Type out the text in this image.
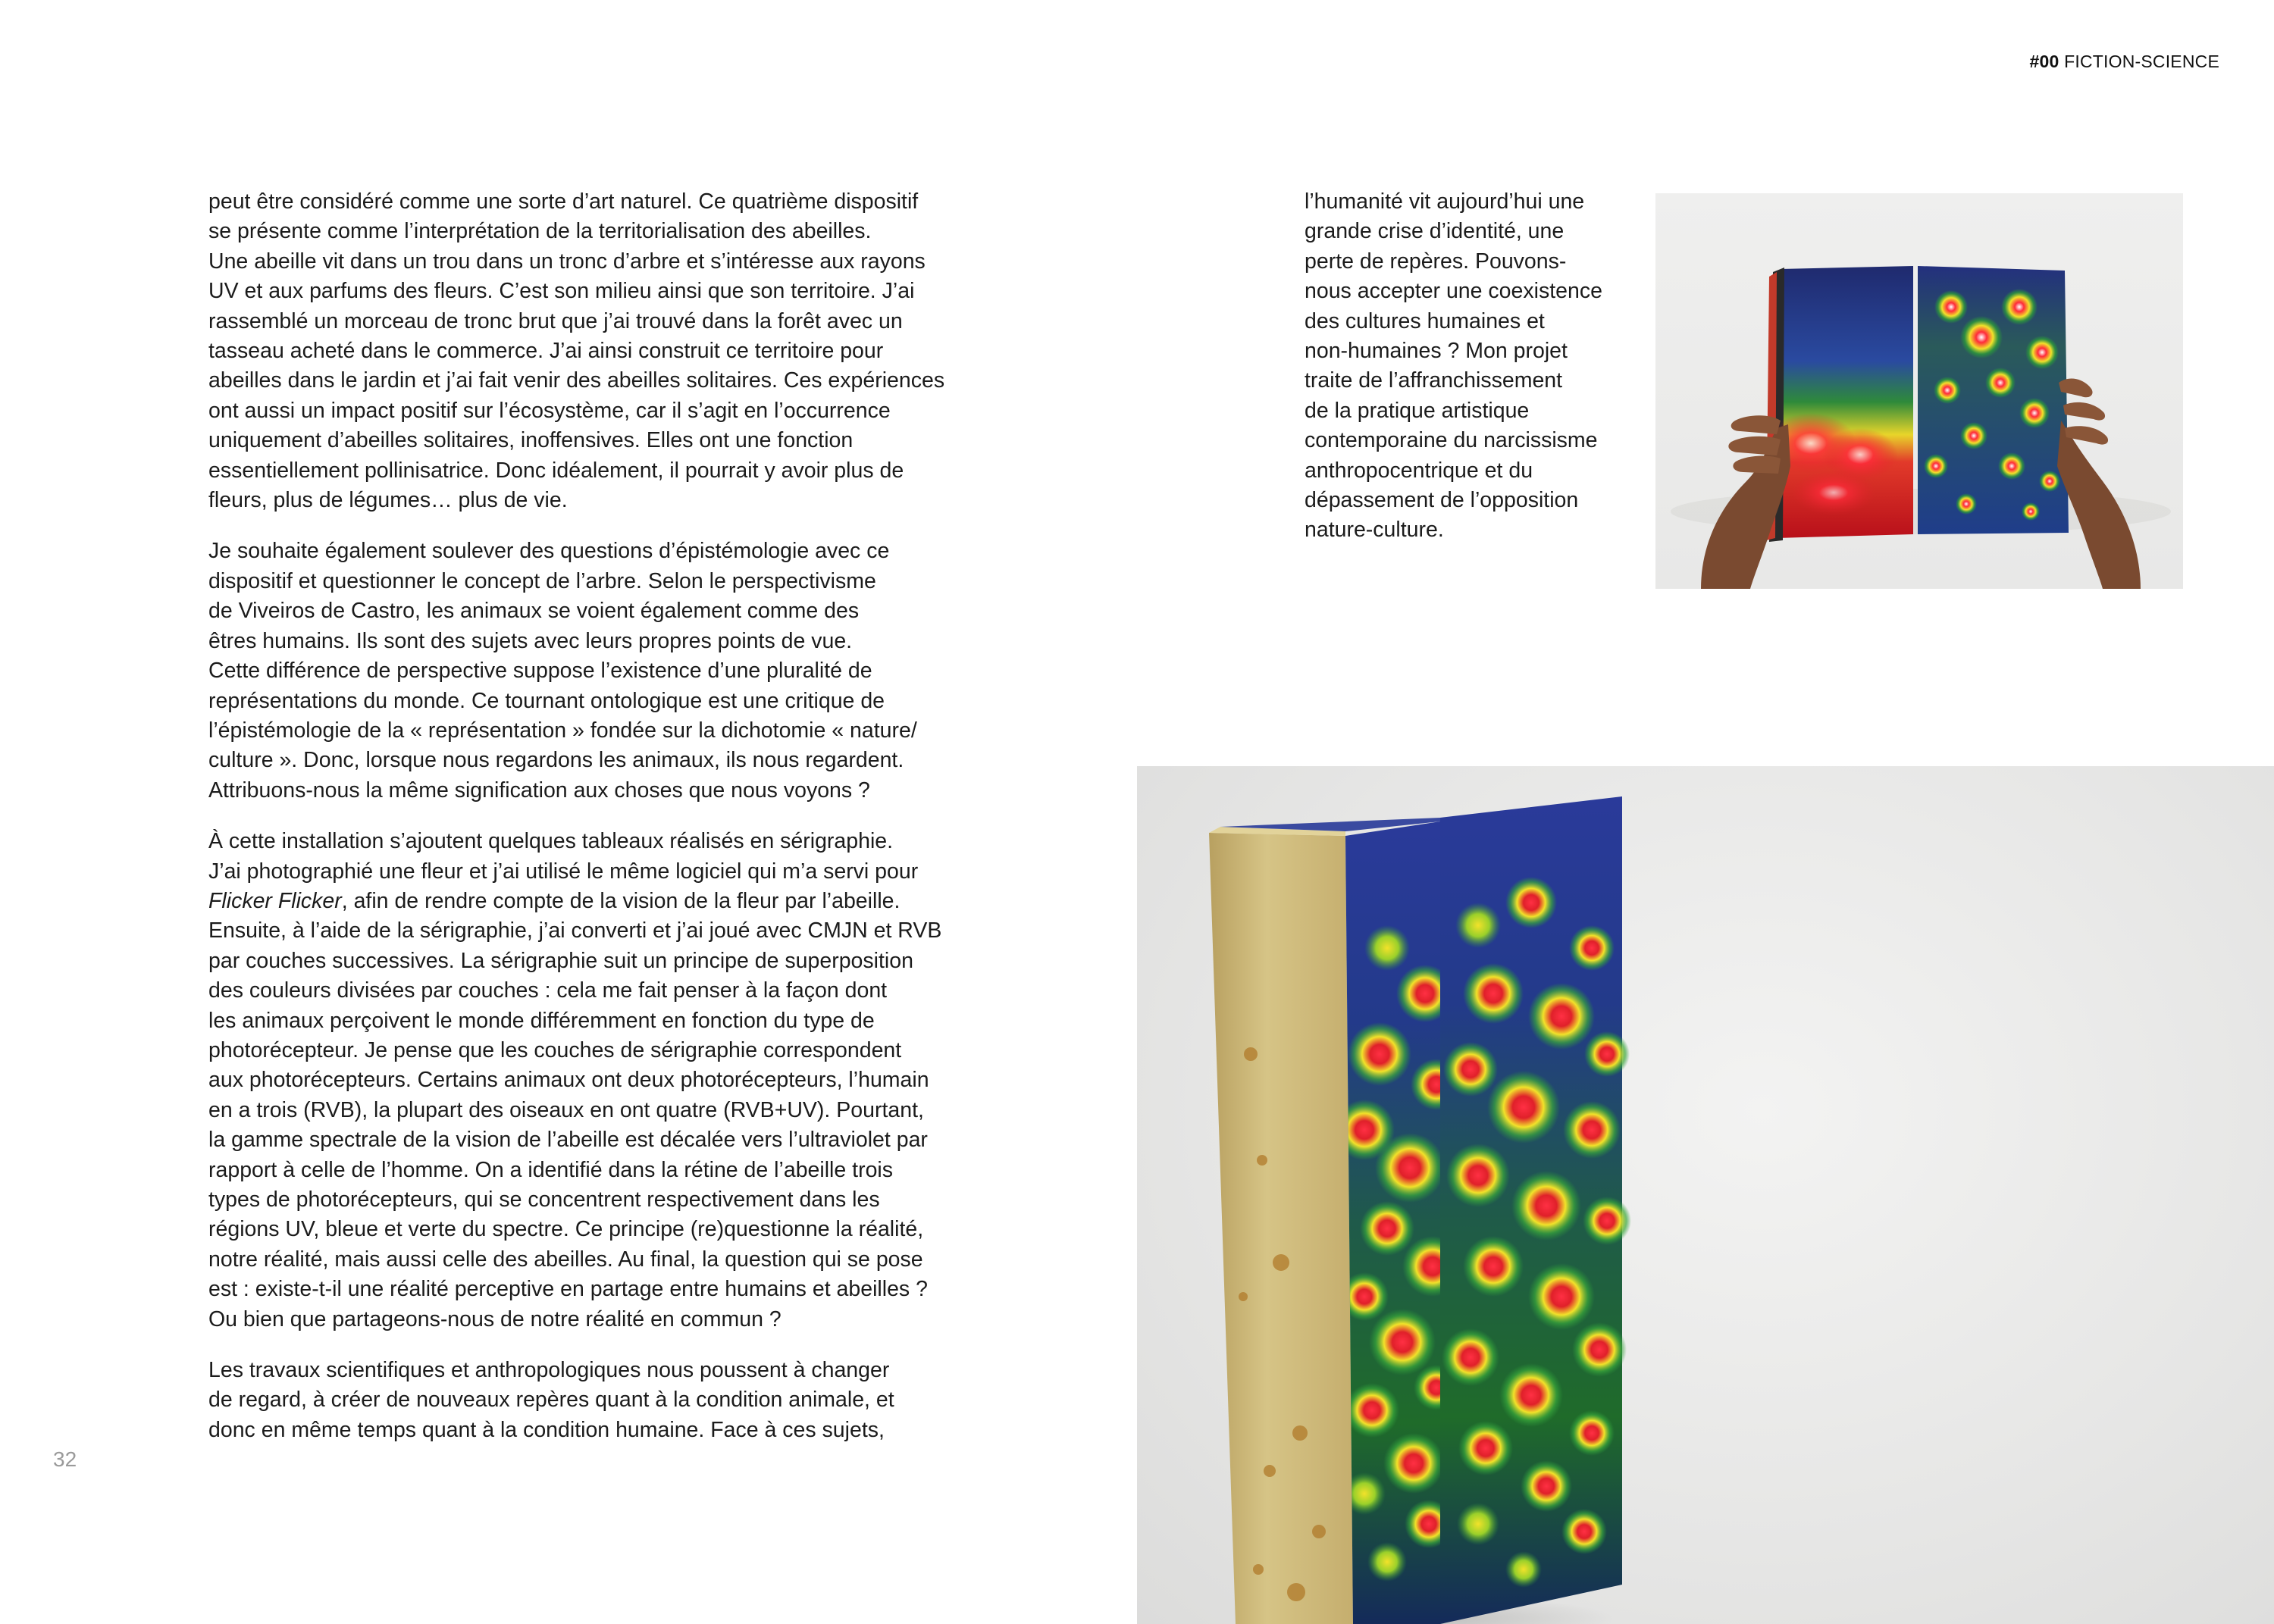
#00 FICTION-SCIENCE

peut être considéré comme une sorte d’art naturel. Ce quatrième dispositif
se présente comme l’interprétation de la territorialisation des abeilles.
Une abeille vit dans un trou dans un tronc d’arbre et s’intéresse aux rayons
UV et aux parfums des fleurs. C’est son milieu ainsi que son territoire. J’ai
rassemblé un morceau de tronc brut que j’ai trouvé dans la forêt avec un
tasseau acheté dans le commerce. J’ai ainsi construit ce territoire pour
abeilles dans le jardin et j’ai fait venir des abeilles solitaires. Ces expériences
ont aussi un impact positif sur l’écosystème, car il s’agit en l’occurrence
uniquement d’abeilles solitaires, inoffensives. Elles ont une fonction
essentiellement pollinisatrice. Donc idéalement, il pourrait y avoir plus de
fleurs, plus de légumes… plus de vie.

Je souhaite également soulever des questions d’épistémologie avec ce
dispositif et questionner le concept de l’arbre. Selon le perspectivisme
de Viveiros de Castro, les animaux se voient également comme des
êtres humains. Ils sont des sujets avec leurs propres points de vue.
Cette différence de perspective suppose l’existence d’une pluralité de
représentations du monde. Ce tournant ontologique est une critique de
l’épistémologie de la « représentation » fondée sur la dichotomie « nature/
culture ». Donc, lorsque nous regardons les animaux, ils nous regardent.
Attribuons-nous la même signification aux choses que nous voyons ?

À cette installation s’ajoutent quelques tableaux réalisés en sérigraphie.
J’ai photographié une fleur et j’ai utilisé le même logiciel qui m’a servi pour
Flicker Flicker, afin de rendre compte de la vision de la fleur par l’abeille.
Ensuite, à l’aide de la sérigraphie, j’ai converti et j’ai joué avec CMJN et RVB
par couches successives. La sérigraphie suit un principe de superposition
des couleurs divisées par couches : cela me fait penser à la façon dont
les animaux perçoivent le monde différemment en fonction du type de
photorécepteur. Je pense que les couches de sérigraphie correspondent
aux photorécepteurs. Certains animaux ont deux photorécepteurs, l’humain
en a trois (RVB), la plupart des oiseaux en ont quatre (RVB+UV). Pourtant,
la gamme spectrale de la vision de l’abeille est décalée vers l’ultraviolet par
rapport à celle de l’homme. On a identifié dans la rétine de l’abeille trois
types de photorécepteurs, qui se concentrent respectivement dans les
régions UV, bleue et verte du spectre. Ce principe (re)questionne la réalité,
notre réalité, mais aussi celle des abeilles. Au final, la question qui se pose
est : existe-t-il une réalité perceptive en partage entre humains et abeilles ?
Ou bien que partageons-nous de notre réalité en commun ?

Les travaux scientifiques et anthropologiques nous poussent à changer
de regard, à créer de nouveaux repères quant à la condition animale, et
donc en même temps quant à la condition humaine. Face à ces sujets,

l’humanité vit aujourd’hui une
grande crise d’identité, une
perte de repères. Pouvons-
nous accepter une coexistence
des cultures humaines et
non-humaines ? Mon projet
traite de l’affranchissement
de la pratique artistique
contemporaine du narcissisme
anthropocentrique et du
dépassement de l’opposition
nature-culture.
32
